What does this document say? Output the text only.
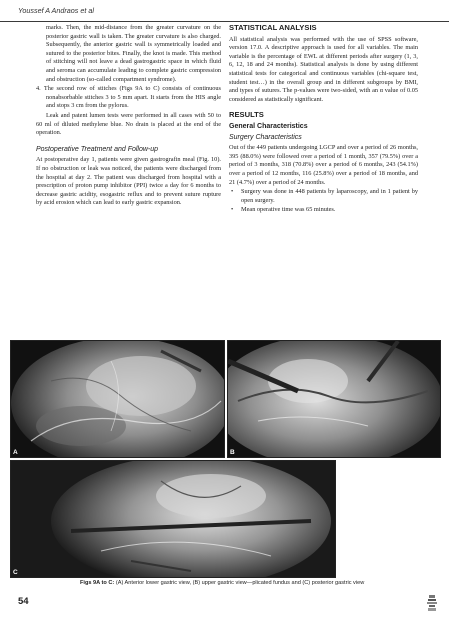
Youssef A Andraos et al

marks. Then, the mid-distance from the greater curvature on the posterior gastric wall is taken. The greater curvature is also charged. Subsequently, the anterior gastric wall is symmetrically loaded and sutured to the posterior bites. Finally, the knot is made. This method of stitching will not leave a dead gastrogastric space in which fluid and seroma can accumulate leading to complete gastric compression and obstruction (so-called compartment syndrome).

4. The second row of stitches (Figs 9A to C) consists of continuous nonabsorbable stitches 3 to 5 mm apart. It starts from the HIS angle and stops 3 cm from the pylorus.

Leak and patent lumen tests were performed in all cases with 50 to 60 ml of diluted methylene blue. No drain is placed at the end of the operation.

Postoperative Treatment and Follow-up

At postoperative day 1, patients were given gastrografin meal (Fig. 10). If no obstruction or leak was noticed, the patients were discharged from the hospital at day 2. The patient was discharged from hospital with a prescription of proton pump inhibitor (PPI) twice a day for 6 months to decrease gastric acidity, esogastric reflux and to prevent suture rupture by acid erosion which can lead to early gastric expansion.

STATISTICAL ANALYSIS

All statistical analysis was performed with the use of SPSS software, version 17.0. A descriptive approach is used for all variables. The main variable is the percentage of EWL at different periods after surgery (1, 3, 6, 12, 18 and 24 months). Statistical analysis is done by using different statistical tests for categorical and continuous variables (chi-square test, student test…) in the overall group and in different subgroups by BMI, and types of sutures. The p-values were two-sided, with an α value of 0.05 considered as statistically significant.

RESULTS
General Characteristics
Surgery Characteristics

Out of the 449 patients undergoing LGCP and over a period of 26 months, 395 (88.0%) were followed over a period of 1 month, 357 (79.5%) over a period of 3 months, 318 (70.8%) over a period of 6 months, 243 (54.1%) over a period of 12 months, 116 (25.8%) over a period of 18 months, and 21 (4.7%) over a period of 24 months.

• Surgery was done in 448 patients by laparoscopy, and in 1 patient by open surgery.

• Mean operative time was 65 minutes.

A	B
C
Figs 9A to C: (A) Anterior lower gastric view, (B) upper gastric view—plicated fundus and (C) posterior gastric view
54
